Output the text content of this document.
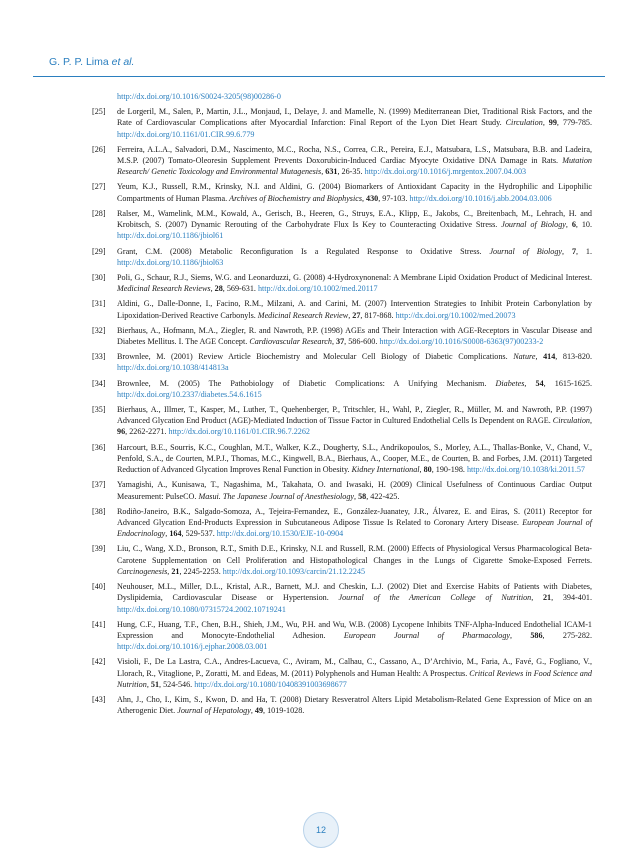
G. P. P. Lima et al.
http://dx.doi.org/10.1016/S0024-3205(98)00286-0
[25] de Lorgeril, M., Salen, P., Martin, J.L., Monjaud, I., Delaye, J. and Mamelle, N. (1999) Mediterranean Diet, Traditional Risk Factors, and the Rate of Cardiovascular Complications after Myocardial Infarction: Final Report of the Lyon Diet Heart Study. Circulation, 99, 779-785. http://dx.doi.org/10.1161/01.CIR.99.6.779
[26] Ferreira, A.L.A., Salvadori, D.M., Nascimento, M.C., Rocha, N.S., Correa, C.R., Pereira, E.J., Matsubara, L.S., Matsubara, B.B. and Ladeira, M.S.P. (2007) Tomato-Oleoresin Supplement Prevents Doxorubicin-Induced Cardiac Myocyte Oxidative DNA Damage in Rats. Mutation Research/ Genetic Toxicology and Environmental Mutagenesis, 631, 26-35. http://dx.doi.org/10.1016/j.mrgentox.2007.04.003
[27] Yeum, K.J., Russell, R.M., Krinsky, N.I. and Aldini, G. (2004) Biomarkers of Antioxidant Capacity in the Hydrophilic and Lipophilic Compartments of Human Plasma. Archives of Biochemistry and Biophysics, 430, 97-103. http://dx.doi.org/10.1016/j.abb.2004.03.006
[28] Ralser, M., Wamelink, M.M., Kowald, A., Gerisch, B., Heeren, G., Struys, E.A., Klipp, E., Jakobs, C., Breitenbach, M., Lehrach, H. and Krobitsch, S. (2007) Dynamic Rerouting of the Carbohydrate Flux Is Key to Counteracting Oxidative Stress. Journal of Biology, 6, 10. http://dx.doi.org/10.1186/jbiol61
[29] Grant, C.M. (2008) Metabolic Reconfiguration Is a Regulated Response to Oxidative Stress. Journal of Biology, 7, 1. http://dx.doi.org/10.1186/jbiol63
[30] Poli, G., Schaur, R.J., Siems, W.G. and Leonarduzzi, G. (2008) 4-Hydroxynonenal: A Membrane Lipid Oxidation Product of Medicinal Interest. Medicinal Research Reviews, 28, 569-631. http://dx.doi.org/10.1002/med.20117
[31] Aldini, G., Dalle-Donne, I., Facino, R.M., Milzani, A. and Carini, M. (2007) Intervention Strategies to Inhibit Protein Carbonylation by Lipoxidation-Derived Reactive Carbonyls. Medicinal Research Review, 27, 817-868. http://dx.doi.org/10.1002/med.20073
[32] Bierhaus, A., Hofmann, M.A., Ziegler, R. and Nawroth, P.P. (1998) AGEs and Their Interaction with AGE-Receptors in Vascular Disease and Diabetes Mellitus. I. The AGE Concept. Cardiovascular Research, 37, 586-600. http://dx.doi.org/10.1016/S0008-6363(97)00233-2
[33] Brownlee, M. (2001) Review Article Biochemistry and Molecular Cell Biology of Diabetic Complications. Nature, 414, 813-820. http://dx.doi.org/10.1038/414813a
[34] Brownlee, M. (2005) The Pathobiology of Diabetic Complications: A Unifying Mechanism. Diabetes, 54, 1615-1625. http://dx.doi.org/10.2337/diabetes.54.6.1615
[35] Bierhaus, A., Illmer, T., Kasper, M., Luther, T., Quehenberger, P., Tritschler, H., Wahl, P., Ziegler, R., Müller, M. and Nawroth, P.P. (1997) Advanced Glycation End Product (AGE)-Mediated Induction of Tissue Factor in Cultured Endothelial Cells Is Dependent on RAGE. Circulation, 96, 2262-2271. http://dx.doi.org/10.1161/01.CIR.96.7.2262
[36] Harcourt, B.E., Sourris, K.C., Coughlan, M.T., Walker, K.Z., Dougherty, S.L., Andrikopoulos, S., Morley, A.L., Thallas-Bonke, V., Chand, V., Penfold, S.A., de Courten, M.P.J., Thomas, M.C., Kingwell, B.A., Bierhaus, A., Cooper, M.E., de Courten, B. and Forbes, J.M. (2011) Targeted Reduction of Advanced Glycation Improves Renal Function in Obesity. Kidney International, 80, 190-198. http://dx.doi.org/10.1038/ki.2011.57
[37] Yamagishi, A., Kunisawa, T., Nagashima, M., Takahata, O. and Iwasaki, H. (2009) Clinical Usefulness of Continuous Cardiac Output Measurement: PulseCO. Masui. The Japanese Journal of Anesthesiology, 58, 422-425.
[38] Rodiño-Janeiro, B.K., Salgado-Somoza, A., Tejeira-Fernandez, E., González-Juanatey, J.R., Álvarez, E. and Eiras, S. (2011) Receptor for Advanced Glycation End-Products Expression in Subcutaneous Adipose Tissue Is Related to Coronary Artery Disease. European Journal of Endocrinology, 164, 529-537. http://dx.doi.org/10.1530/EJE-10-0904
[39] Liu, C., Wang, X.D., Bronson, R.T., Smith D.E., Krinsky, N.I. and Russell, R.M. (2000) Effects of Physiological Versus Pharmacological Beta-Carotene Supplementation on Cell Proliferation and Histopathological Changes in the Lungs of Cigarette Smoke-Exposed Ferrets. Carcinogenesis, 21, 2245-2253. http://dx.doi.org/10.1093/carcin/21.12.2245
[40] Neuhouser, M.L., Miller, D.L., Kristal, A.R., Barnett, M.J. and Cheskin, L.J. (2002) Diet and Exercise Habits of Patients with Diabetes, Dyslipidemia, Cardiovascular Disease or Hypertension. Journal of the American College of Nutrition, 21, 394-401. http://dx.doi.org/10.1080/07315724.2002.10719241
[41] Hung, C.F., Huang, T.F., Chen, B.H., Shieh, J.M., Wu, P.H. and Wu, W.B. (2008) Lycopene Inhibits TNF-Alpha-Induced Endothelial ICAM-1 Expression and Monocyte-Endothelial Adhesion. European Journal of Pharmacology, 586, 275-282. http://dx.doi.org/10.1016/j.ejphar.2008.03.001
[42] Visioli, F., De La Lastra, C.A., Andres-Lacueva, C., Aviram, M., Calhau, C., Cassano, A., D’Archivio, M., Faria, A., Favé, G., Fogliano, V., Llorach, R., Vitaglione, P., Zoratti, M. and Edeas, M. (2011) Polyphenols and Human Health: A Prospectus. Critical Reviews in Food Science and Nutrition, 51, 524-546. http://dx.doi.org/10.1080/10408391003698677
[43] Ahn, J., Cho, I., Kim, S., Kwon, D. and Ha, T. (2008) Dietary Resveratrol Alters Lipid Metabolism-Related Gene Expression of Mice on an Atherogenic Diet. Journal of Hepatology, 49, 1019-1028.
12
